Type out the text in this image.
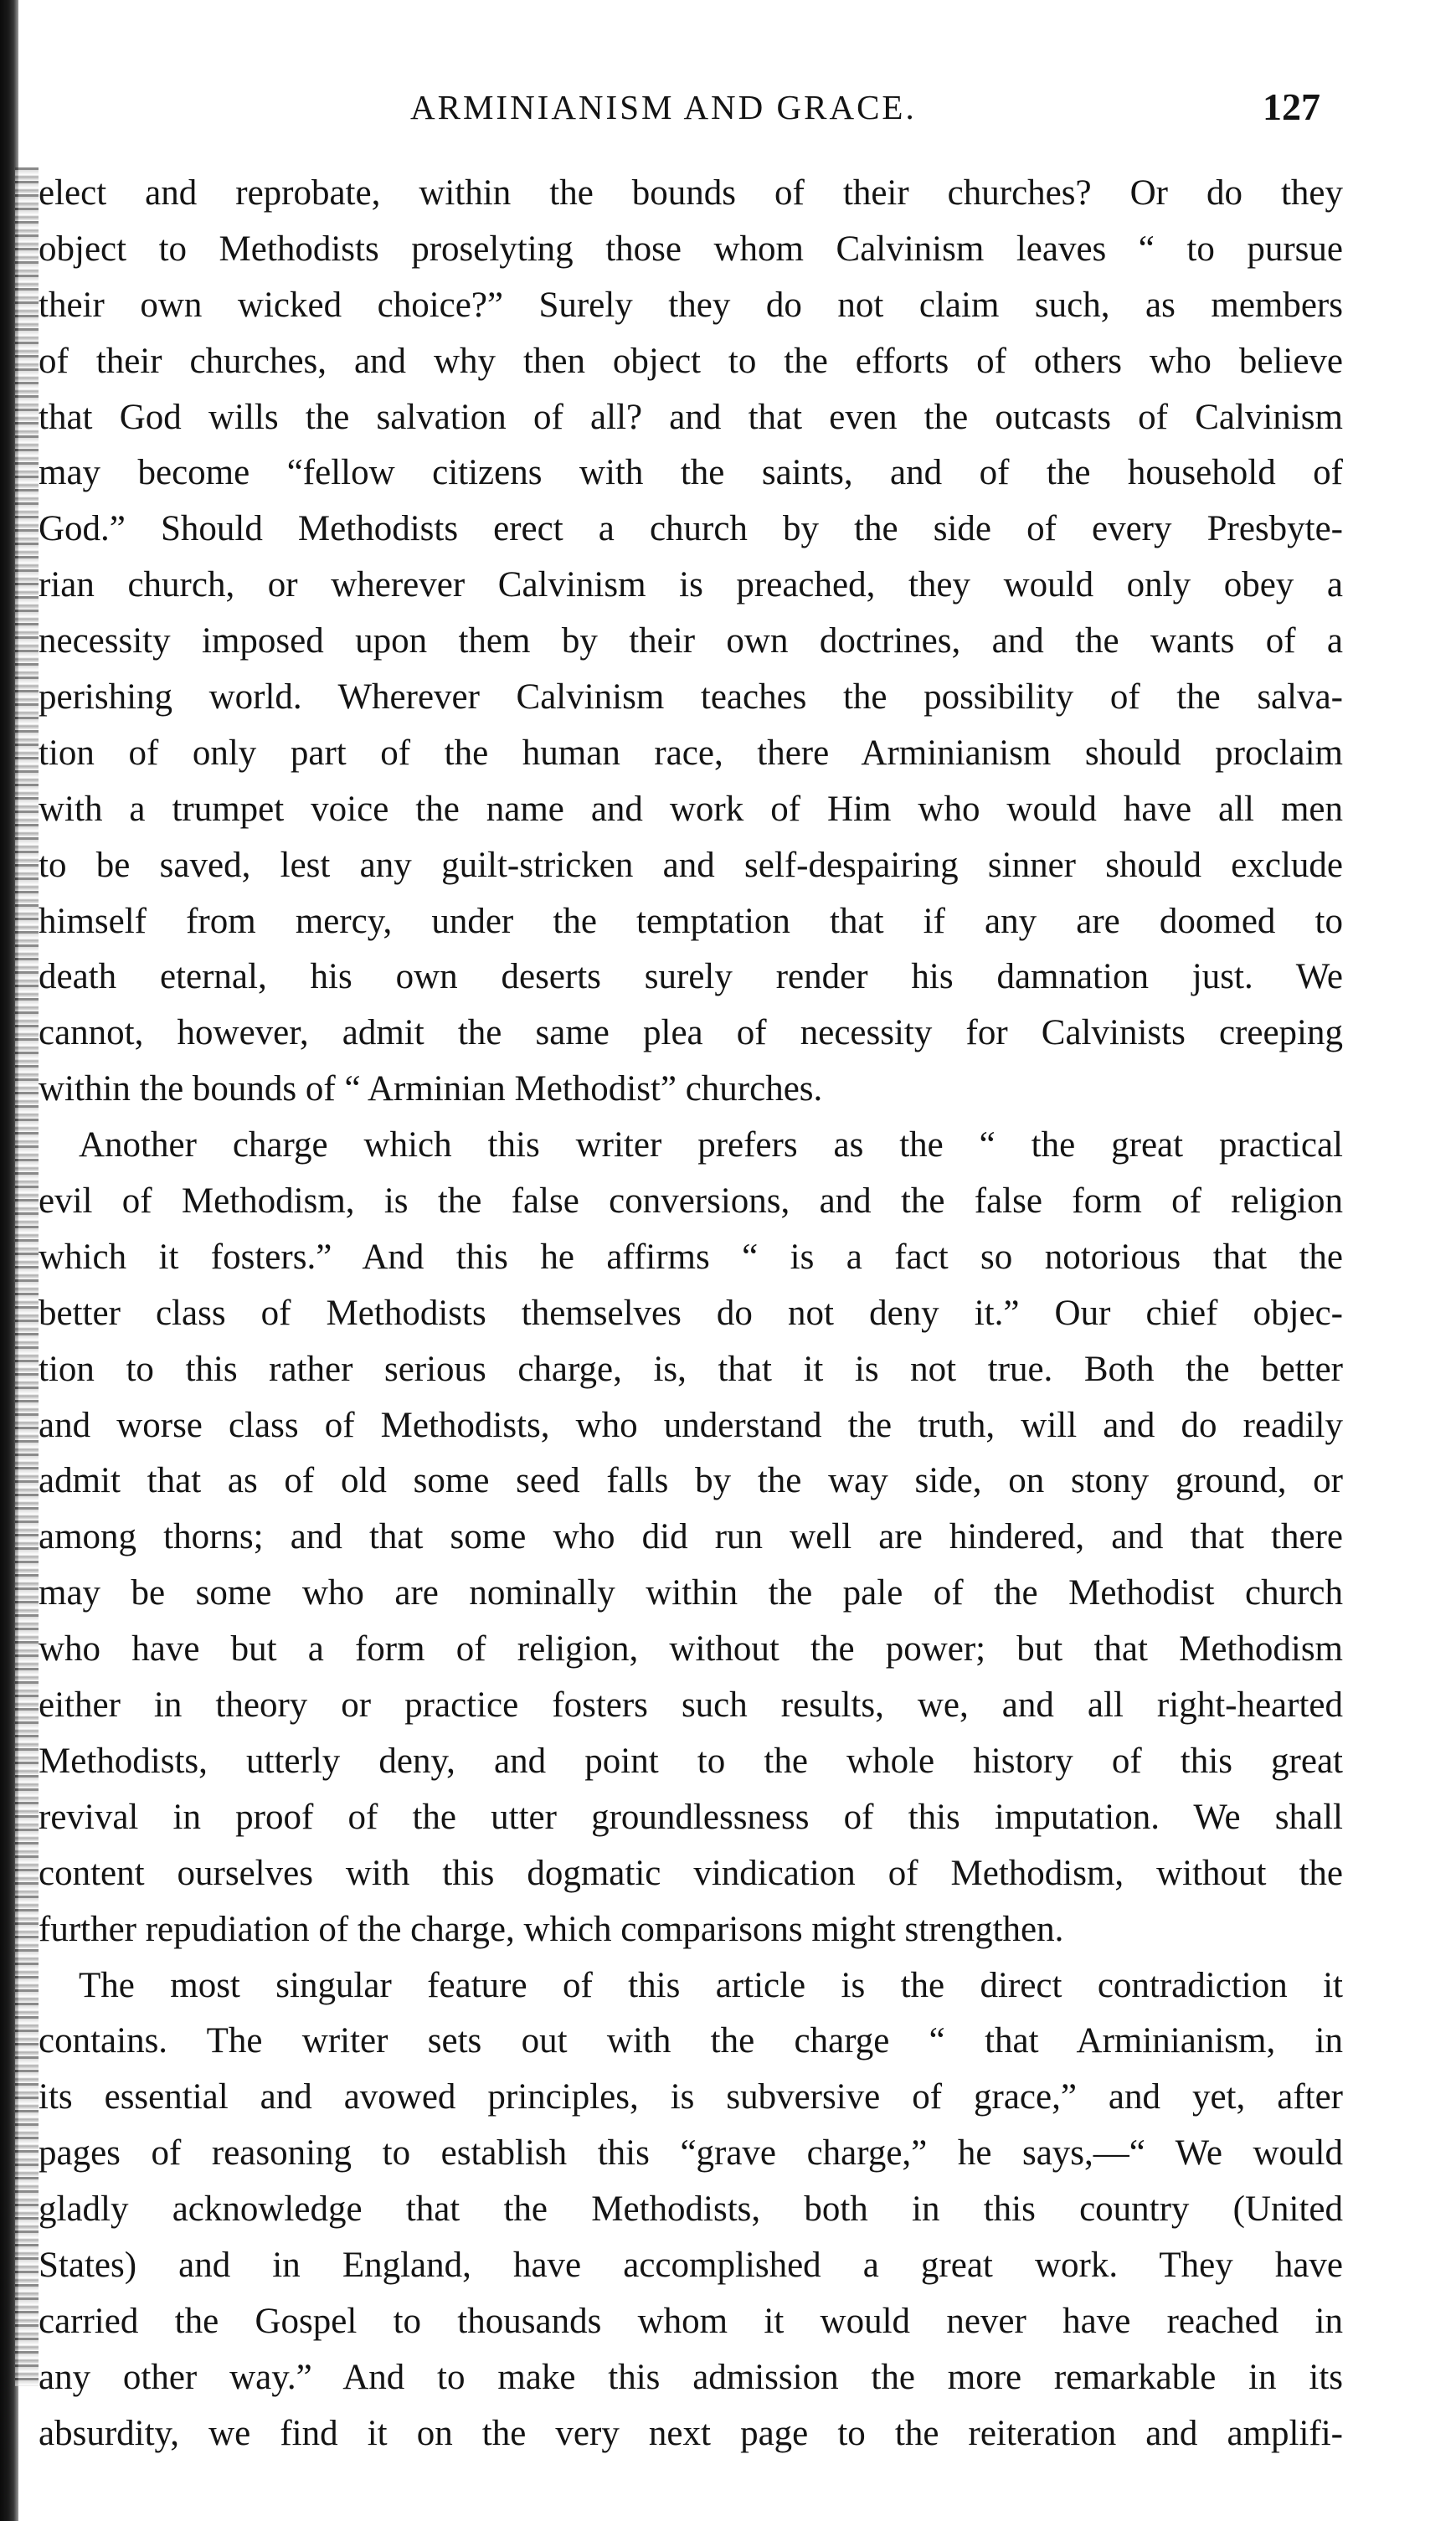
ARMINIANISM AND GRACE.	127
elect and reprobate, within the bounds of their churches? Or do they
object to Methodists proselyting those whom Calvinism leaves “ to pursue
their own wicked choice?” Surely they do not claim such, as members
of their churches, and why then object to the efforts of others who believe
that God wills the salvation of all? and that even the outcasts of Calvinism
may become “fellow citizens with the saints, and of the household of
God.” Should Methodists erect a church by the side of every Presbyte-
rian church, or wherever Calvinism is preached, they would only obey a
necessity imposed upon them by their own doctrines, and the wants of a
perishing world. Wherever Calvinism teaches the possibility of the salva-
tion of only part of the human race, there Arminianism should proclaim
with a trumpet voice the name and work of Him who would have all men
to be saved, lest any guilt-stricken and self-despairing sinner should exclude
himself from mercy, under the temptation that if any are doomed to
death eternal, his own deserts surely render his damnation just. We
cannot, however, admit the same plea of necessity for Calvinists creeping
within the bounds of “ Arminian Methodist” churches.
Another charge which this writer prefers as the “ the great practical
evil of Methodism, is the false conversions, and the false form of religion
which it fosters.” And this he affirms “ is a fact so notorious that the
better class of Methodists themselves do not deny it.” Our chief objec-
tion to this rather serious charge, is, that it is not true. Both the better
and worse class of Methodists, who understand the truth, will and do readily
admit that as of old some seed falls by the way side, on stony ground, or
among thorns; and that some who did run well are hindered, and that there
may be some who are nominally within the pale of the Methodist church
who have but a form of religion, without the power; but that Methodism
either in theory or practice fosters such results, we, and all right-hearted
Methodists, utterly deny, and point to the whole history of this great
revival in proof of the utter groundlessness of this imputation. We shall
content ourselves with this dogmatic vindication of Methodism, without the
further repudiation of the charge, which comparisons might strengthen.
The most singular feature of this article is the direct contradiction it
contains. The writer sets out with the charge “ that Arminianism, in
its essential and avowed principles, is subversive of grace,” and yet, after
pages of reasoning to establish this “grave charge,” he says,—“ We would
gladly acknowledge that the Methodists, both in this country (United
States) and in England, have accomplished a great work. They have
carried the Gospel to thousands whom it would never have reached in
any other way.” And to make this admission the more remarkable in its
absurdity, we find it on the very next page to the reiteration and amplifi-
